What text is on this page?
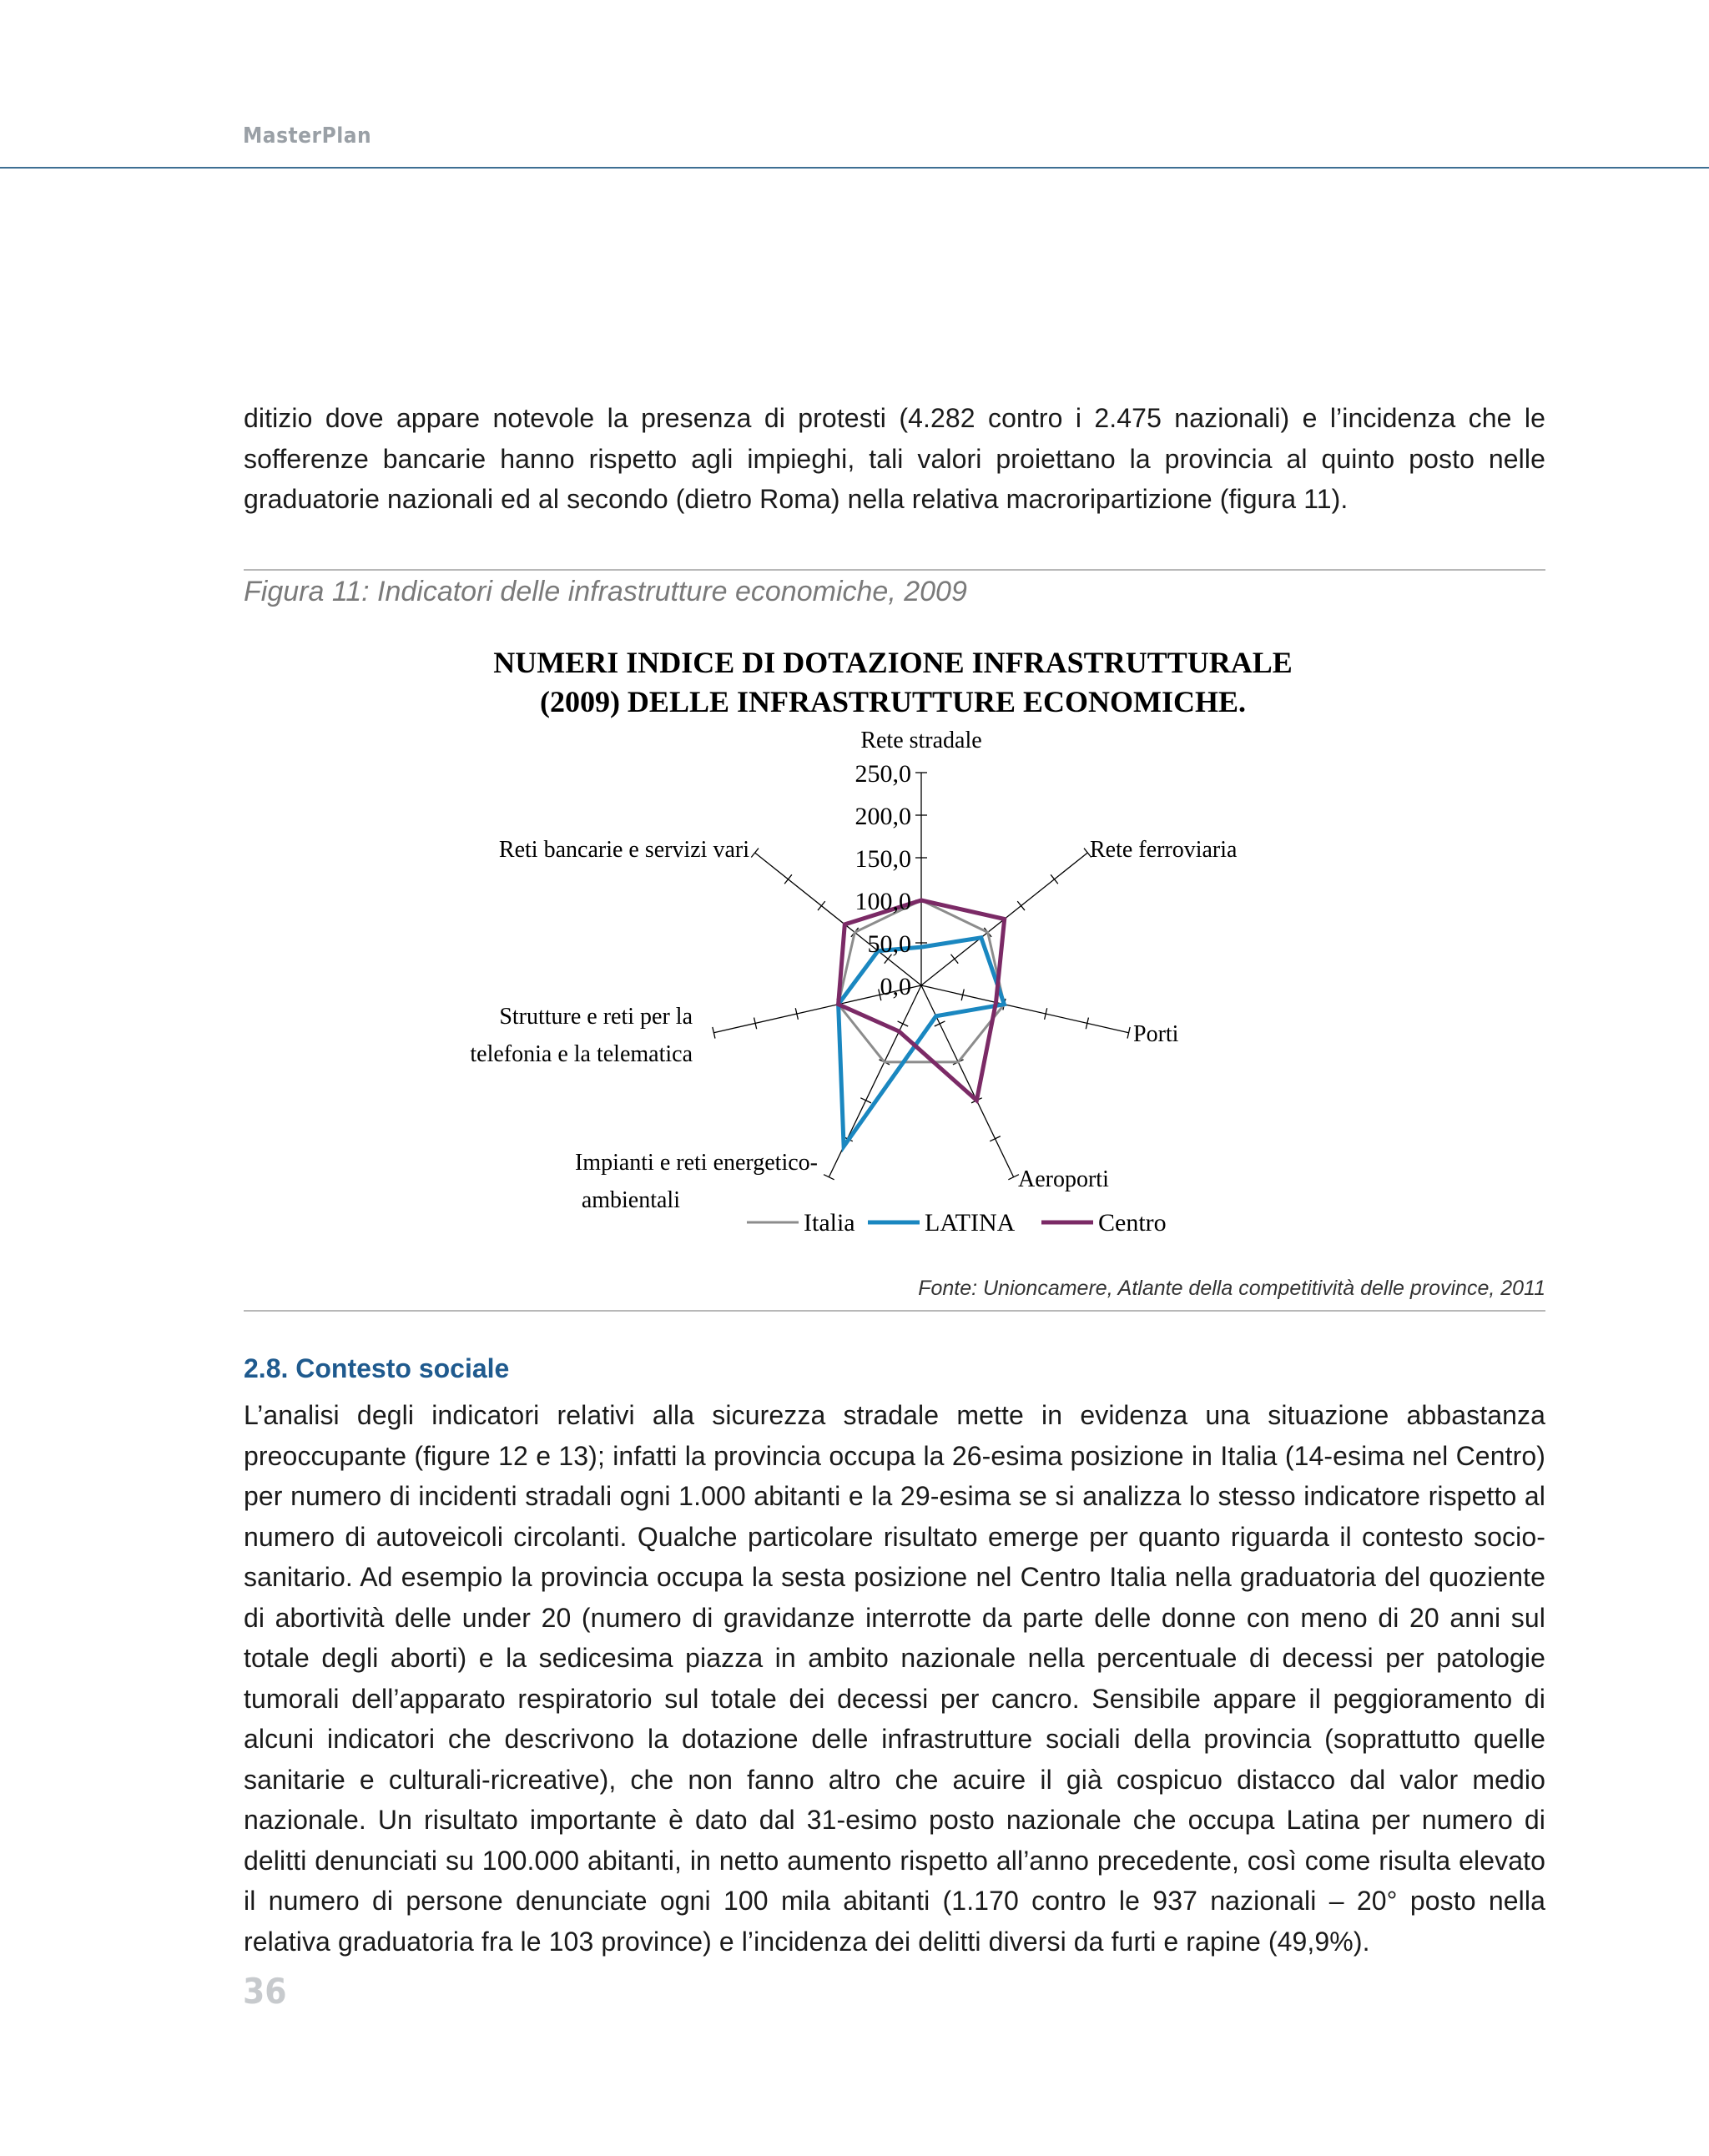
MasterPlan

ditizio dove appare notevole la presenza di protesti (4.282 contro i 2.475 nazionali) e l’incidenza che le sofferenze bancarie hanno rispetto agli impieghi, tali valori proiettano la provincia al quinto posto nelle graduatorie nazionali ed al secondo (dietro Roma) nella relativa macroripartizione (figura 11).

Figura 11: Indicatori delle infrastrutture economiche, 2009
NUMERI INDICE DI DOTAZIONE INFRASTRUTTURALE
(2009) DELLE INFRASTRUTTURE ECONOMICHE.
0,0
50,0
100,0
150,0
200,0
250,0
Rete stradale
Rete ferroviaria
Porti
Aeroporti
Impianti e reti energetico-ambientali
Strutture e reti per la telefonia e la telematica
Reti bancarie e servizi vari
Italia	LATINA	Centro
Fonte: Unioncamere, Atlante della competitività delle province, 2011
2.8. Contesto sociale

L’analisi degli indicatori relativi alla sicurezza stradale mette in evidenza una situazione abbastanza preoccupante (figure 12 e 13); infatti la provincia occupa la 26-esima posizione in Italia (14-esima nel Centro) per numero di incidenti stradali ogni 1.000 abitanti e la 29-esima se si analizza lo stesso indicatore rispetto al numero di autoveicoli circolanti. Qualche particolare risultato emerge per quanto riguarda il contesto socio-sanitario. Ad esempio la provincia occupa la sesta posizione nel Centro Italia nella graduatoria del quoziente di abortività delle under 20 (numero di gravidanze interrotte da parte delle donne con meno di 20 anni sul totale degli aborti) e la sedicesima piazza in ambito nazionale nella percentuale di decessi per patologie tumorali dell’apparato respiratorio sul totale dei decessi per cancro. Sensibile appare il peggioramento di alcuni indicatori che descrivono la dotazione delle infrastrutture sociali della provincia (soprattutto quelle sanitarie e culturali-ricreative), che non fanno altro che acuire il già cospicuo distacco dal valor medio nazionale. Un risultato importante è dato dal 31-esimo posto nazionale che occupa Latina per numero di delitti denunciati su 100.000 abitanti, in netto aumento rispetto all’anno precedente, così come risulta elevato il numero di persone denunciate ogni 100 mila abitanti (1.170 contro le 937 nazionali – 20° posto nella relativa graduatoria fra le 103 province) e l’incidenza dei delitti diversi da furti e rapine (49,9%).

36
